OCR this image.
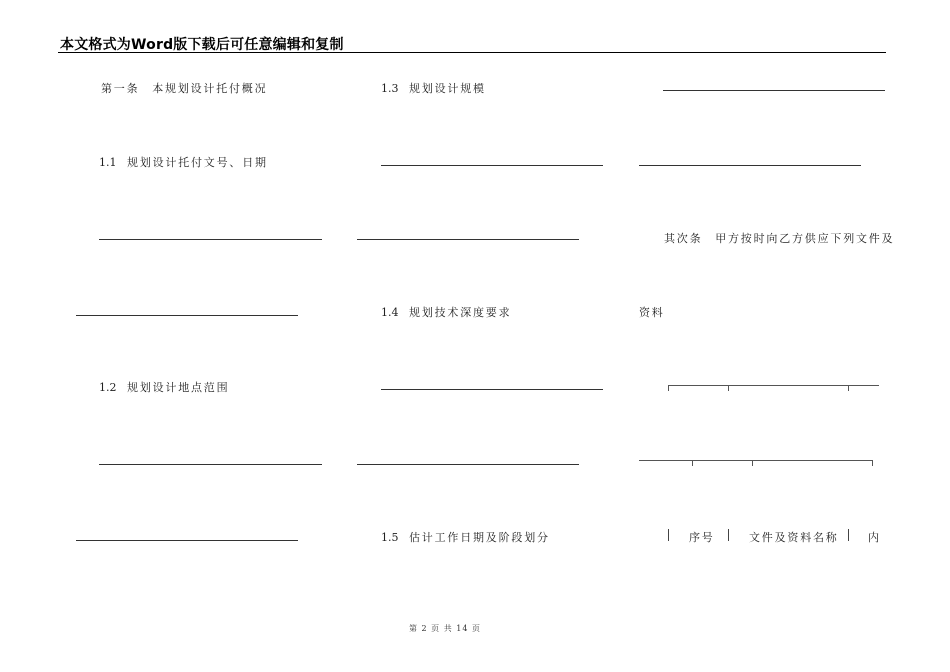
本文格式为Word版下载后可任意编辑和复制
第一条　本规划设计托付概况
1.1 规划设计托付文号、日期
1.2 规划设计地点范围
1.3 规划设计规模
1.4 规划技术深度要求
1.5 估计工作日期及阶段划分
其次条　甲方按时向乙方供应下列文件及
资料
序号	文件及资料名称	内
第 2 页 共 14 页
